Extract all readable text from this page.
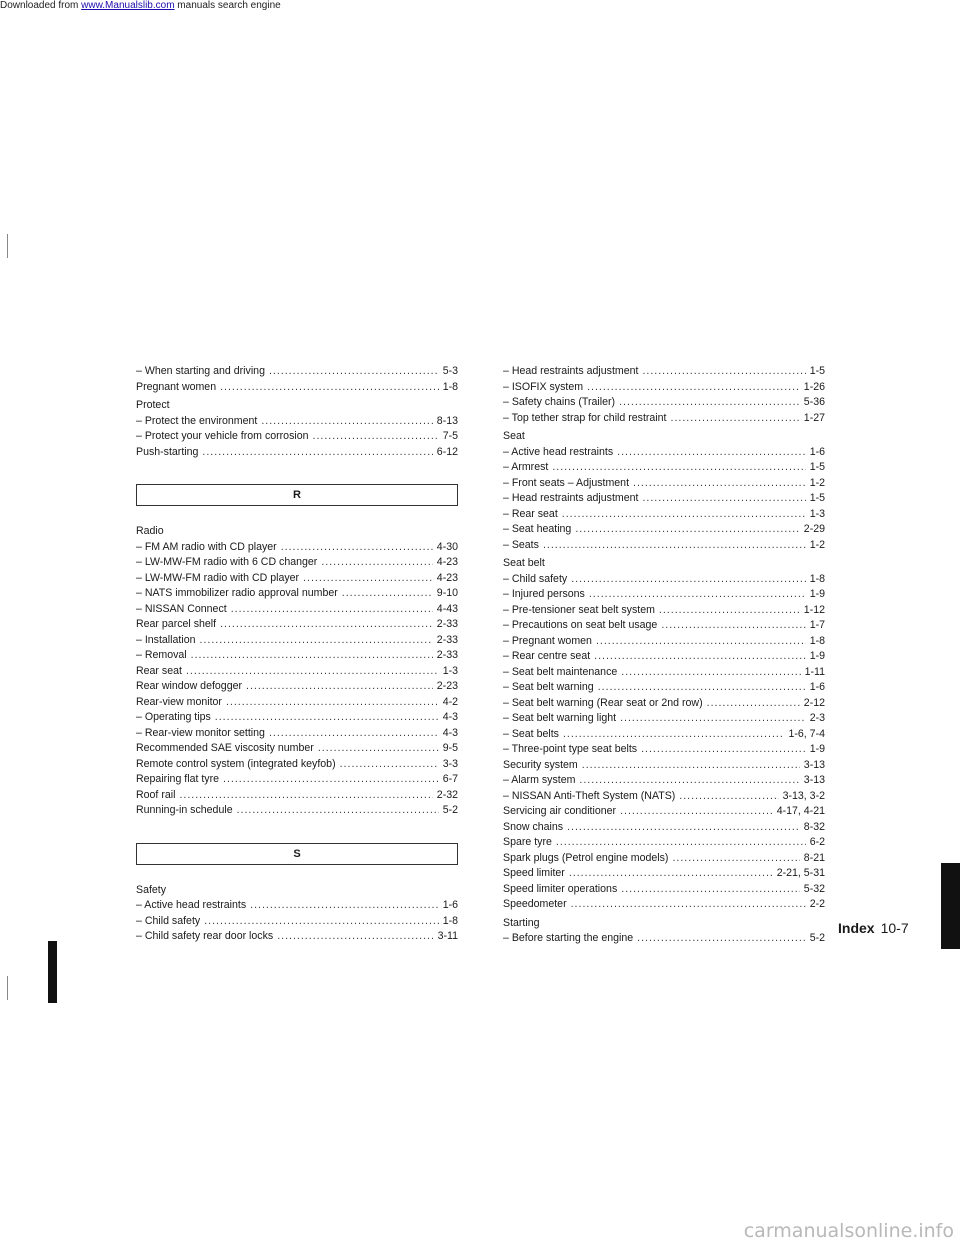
Downloaded from www.Manualslib.com manuals search engine
– When starting and driving .....	5-3
Pregnant women .....	1-8
Protect
– Protect the environment .....	8-13
– Protect your vehicle from corrosion .....	7-5
Push-starting .....	6-12
R
Radio
– FM AM radio with CD player .....	4-30
– LW-MW-FM radio with 6 CD changer .....	4-23
– LW-MW-FM radio with CD player .....	4-23
– NATS immobilizer radio approval number .....	9-10
– NISSAN Connect .....	4-43
Rear parcel shelf .....	2-33
– Installation .....	2-33
– Removal .....	2-33
Rear seat .....	1-3
Rear window defogger .....	2-23
Rear-view monitor .....	4-2
– Operating tips .....	4-3
– Rear-view monitor setting .....	4-3
Recommended SAE viscosity number .....	9-5
Remote control system (integrated keyfob) .....	3-3
Repairing flat tyre .....	6-7
Roof rail .....	2-32
Running-in schedule .....	5-2
S
Safety
– Active head restraints .....	1-6
– Child safety .....	1-8
– Child safety rear door locks .....	3-11
– Head restraints adjustment .....	1-5
– ISOFIX system .....	1-26
– Safety chains (Trailer) .....	5-36
– Top tether strap for child restraint .....	1-27
Seat
– Active head restraints .....	1-6
– Armrest .....	1-5
– Front seats – Adjustment .....	1-2
– Head restraints adjustment .....	1-5
– Rear seat .....	1-3
– Seat heating .....	2-29
– Seats .....	1-2
Seat belt
– Child safety .....	1-8
– Injured persons .....	1-9
– Pre-tensioner seat belt system .....	1-12
– Precautions on seat belt usage .....	1-7
– Pregnant women .....	1-8
– Rear centre seat .....	1-9
– Seat belt maintenance .....	1-11
– Seat belt warning .....	1-6
– Seat belt warning (Rear seat or 2nd row) .....	2-12
– Seat belt warning light .....	2-3
– Seat belts .....	1-6, 7-4
– Three-point type seat belts .....	1-9
Security system .....	3-13
– Alarm system .....	3-13
– NISSAN Anti-Theft System (NATS) .....	3-13, 3-2
Servicing air conditioner .....	4-17, 4-21
Snow chains .....	8-32
Spare tyre .....	6-2
Spark plugs (Petrol engine models) .....	8-21
Speed limiter .....	2-21, 5-31
Speed limiter operations .....	5-32
Speedometer .....	2-2
Starting
– Before starting the engine .....	5-2
Index 10-7
carmanualsonline.info
